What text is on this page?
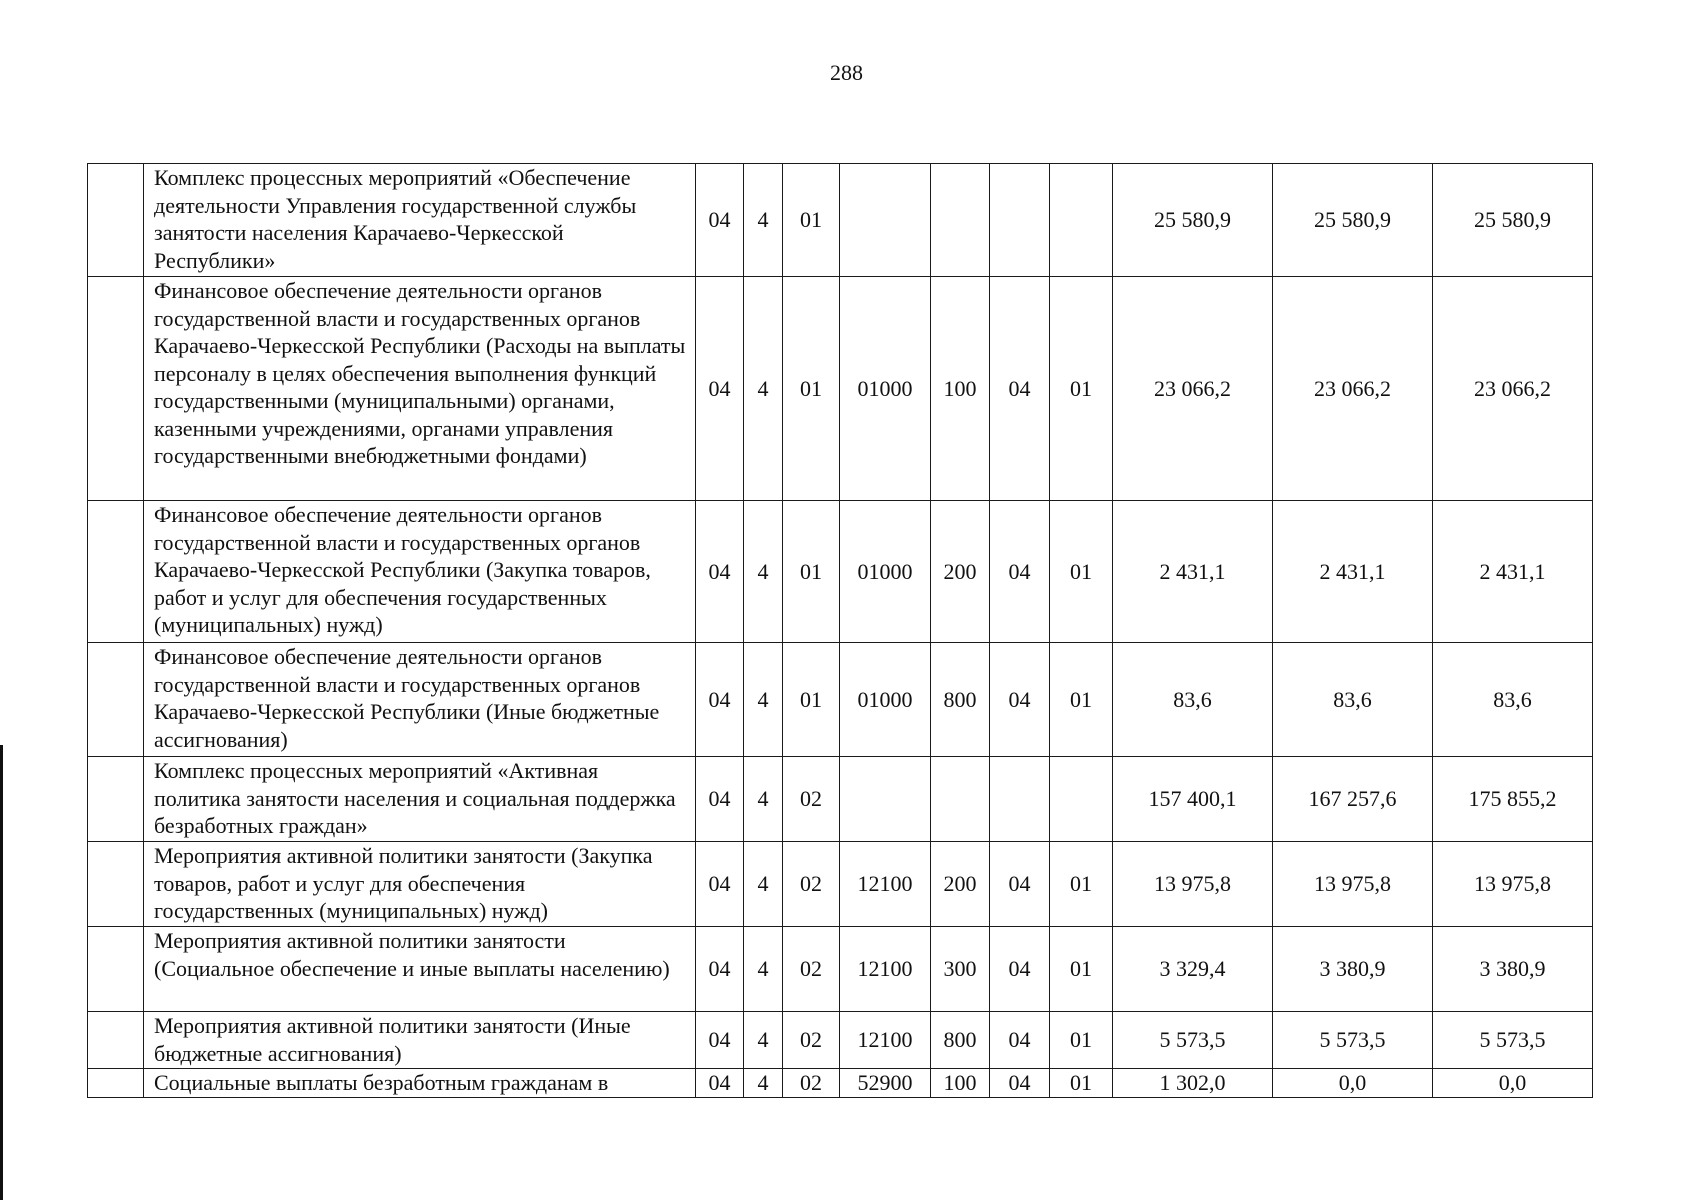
288
	Комплекс процессных мероприятий «Обеспечение деятельности Управления государственной службы занятости населения Карачаево-Черкесской Республики»	04	4	01					25 580,9	25 580,9	25 580,9
	Финансовое обеспечение деятельности органов государственной власти и государственных органов Карачаево-Черкесской Республики (Расходы на выплаты персоналу в целях обеспечения выполнения функций государственными (муниципальными) органами, казенными учреждениями, органами управления государственными внебюджетными фондами)	04	4	01	01000	100	04	01	23 066,2	23 066,2	23 066,2
	Финансовое обеспечение деятельности органов государственной власти и государственных органов Карачаево-Черкесской Республики (Закупка товаров, работ и услуг для обеспечения государственных (муниципальных) нужд)	04	4	01	01000	200	04	01	2 431,1	2 431,1	2 431,1
	Финансовое обеспечение деятельности органов государственной власти и государственных органов Карачаево-Черкесской Республики (Иные бюджетные ассигнования)	04	4	01	01000	800	04	01	83,6	83,6	83,6
	Комплекс процессных мероприятий «Активная политика занятости населения и социальная поддержка безработных граждан»	04	4	02					157 400,1	167 257,6	175 855,2
	Мероприятия активной политики занятости (Закупка товаров, работ и услуг для обеспечения государственных (муниципальных) нужд)	04	4	02	12100	200	04	01	13 975,8	13 975,8	13 975,8
	Мероприятия активной политики занятости (Социальное обеспечение и иные выплаты населению)	04	4	02	12100	300	04	01	3 329,4	3 380,9	3 380,9
	Мероприятия активной политики занятости (Иные бюджетные ассигнования)	04	4	02	12100	800	04	01	5 573,5	5 573,5	5 573,5
	Социальные выплаты безработным гражданам в	04	4	02	52900	100	04	01	1 302,0	0,0	0,0
